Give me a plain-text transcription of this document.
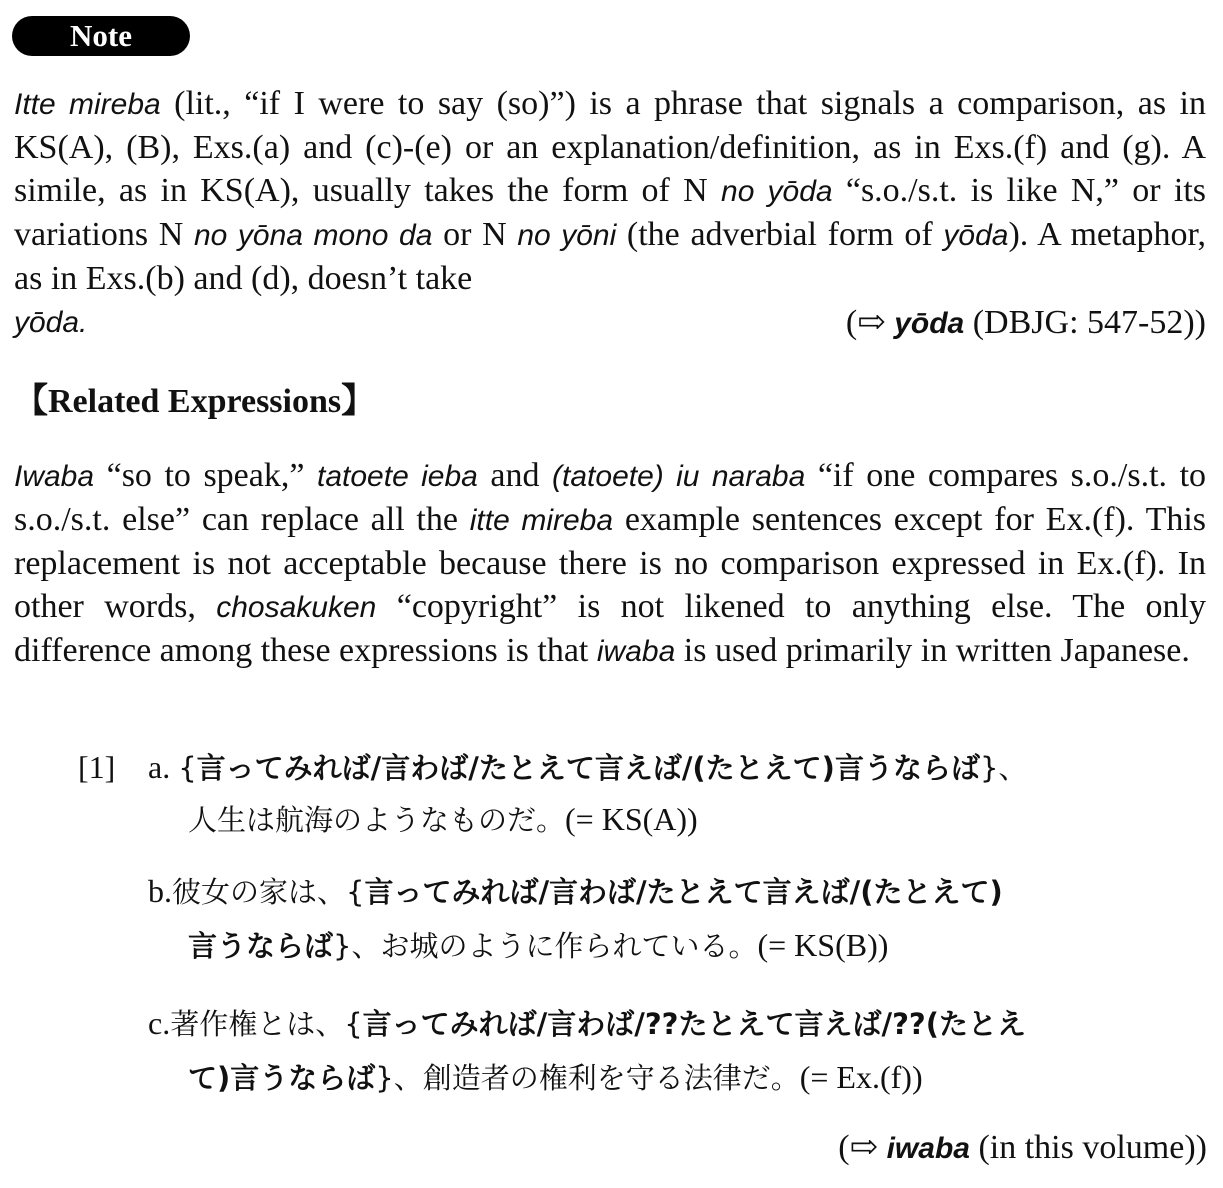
Note
Itte mireba (lit., “if I were to say (so)”) is a phrase that signals a comparison, as in KS(A), (B), Exs.(a) and (c)-(e) or an explanation/definition, as in Exs.(f) and (g). A simile, as in KS(A), usually takes the form of N no yōda “s.o./s.t. is like N,” or its variations N no yōna mono da or N no yōni (the adverbial form of yōda). A metaphor, as in Exs.(b) and (d), doesn’t take
yōda.	(⇨ yōda (DBJG: 547-52))
【Related Expressions】
Iwaba “so to speak,” tatoete ieba and (tatoete) iu naraba “if one compares s.o./s.t. to s.o./s.t. else” can replace all the itte mireba example sentences except for Ex.(f). This replacement is not acceptable because there is no comparison expressed in Ex.(f). In other words, chosakuken “copyright” is not likened to anything else. The only difference among these expressions is that iwaba is used primarily in written Japanese.
[1] a. {言ってみれば/言わば/たとえて言えば/(たとえて)言うならば}、
人生は航海のようなものだ。(= KS(A))
b.彼女の家は、{言ってみれば/言わば/たとえて言えば/(たとえて)
言うならば}、お城のように作られている。(= KS(B))
c.著作権とは、{言ってみれば/言わば/??たとえて言えば/??(たとえ
て)言うならば}、創造者の権利を守る法律だ。(= Ex.(f))
(⇨ iwaba (in this volume))
